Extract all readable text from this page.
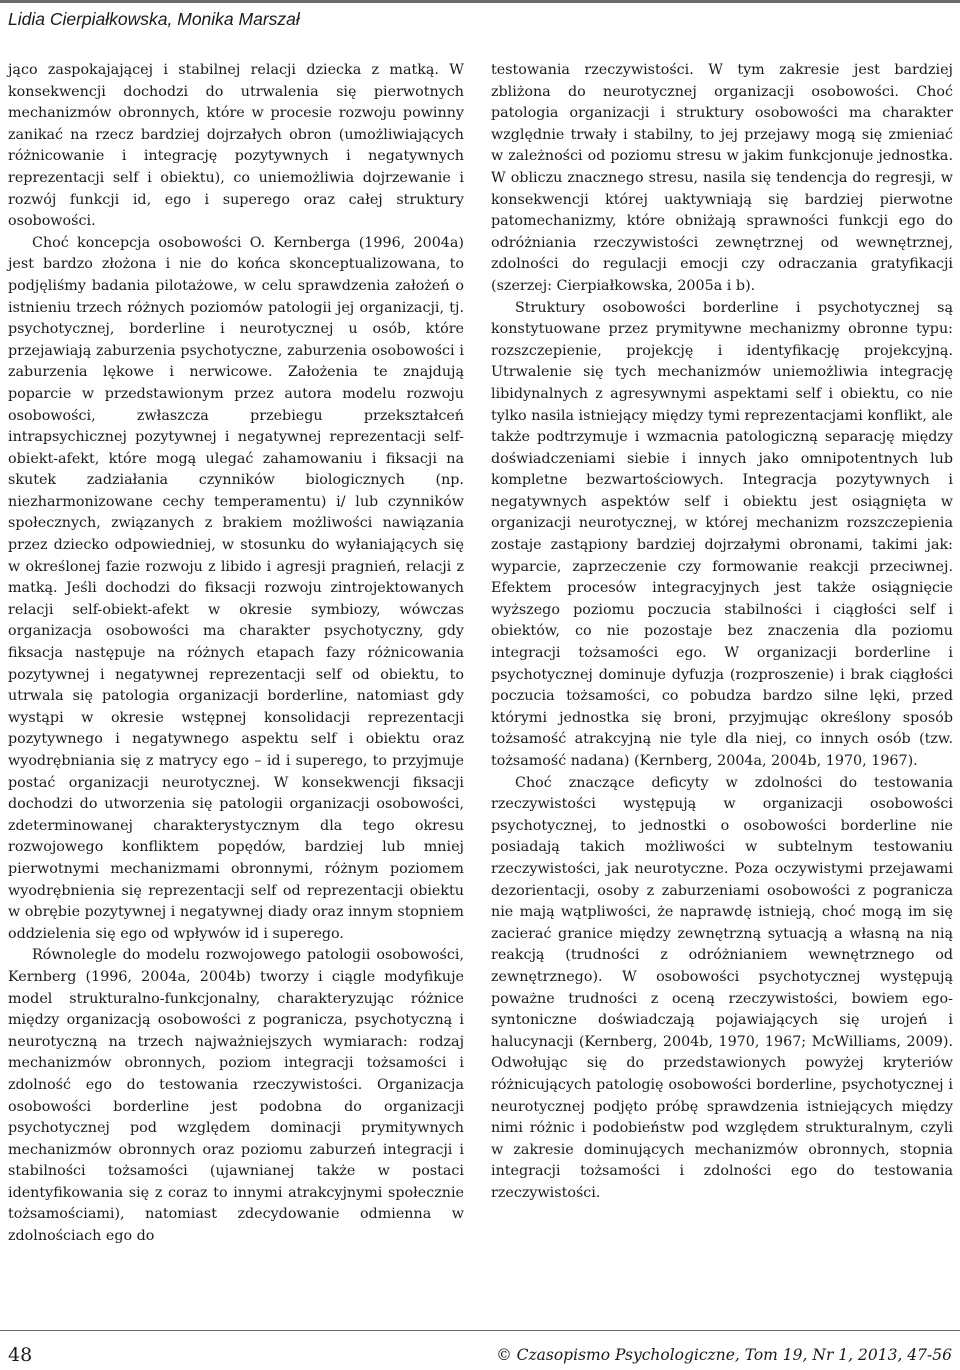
Lidia Cierpiałkowska, Monika Marszał

jąco zaspokajającej i stabilnej relacji dziecka z matką. W konsekwencji dochodzi do utrwalenia się pierwotnych mechanizmów obronnych, które w procesie rozwoju powinny zanikać na rzecz bardziej dojrzałych obron (umożliwiających różnicowanie i integrację pozytywnych i negatywnych reprezentacji self i obiektu), co uniemożliwia dojrzewanie i rozwój funkcji id, ego i superego oraz całej struktury osobowości.

Choć koncepcja osobowości O. Kernberga (1996, 2004a) jest bardzo złożona i nie do końca skonceptualizowana, to podjęliśmy badania pilotażowe, w celu sprawdzenia założeń o istnieniu trzech różnych poziomów patologii jej organizacji, tj. psychotycznej, borderline i neurotycznej u osób, które przejawiają zaburzenia psychotyczne, zaburzenia osobowości i zaburzenia lękowe i nerwicowe. Założenia te znajdują poparcie w przedstawionym przez autora modelu rozwoju osobowości, zwłaszcza przebiegu przekształceń intrapsychicznej pozytywnej i negatywnej reprezentacji self-obiekt-afekt, które mogą ulegać zahamowaniu i fiksacji na skutek zadziałania czynników biologicznych (np. niezharmonizowane cechy temperamentu) i/ lub czynników społecznych, związanych z brakiem możliwości nawiązania przez dziecko odpowiedniej, w stosunku do wyłaniających się w określonej fazie rozwoju z libido i agresji pragnień, relacji z matką. Jeśli dochodzi do fiksacji rozwoju zintrojektowanych relacji self-obiekt-afekt w okresie symbiozy, wówczas organizacja osobowości ma charakter psychotyczny, gdy fiksacja następuje na różnych etapach fazy różnicowania pozytywnej i negatywnej reprezentacji self od obiektu, to utrwala się patologia organizacji borderline, natomiast gdy wystąpi w okresie wstępnej konsolidacji reprezentacji pozytywnego i negatywnego aspektu self i obiektu oraz wyodrębniania się z matrycy ego – id i superego, to przyjmuje postać organizacji neurotycznej. W konsekwencji fiksacji dochodzi do utworzenia się patologii organizacji osobowości, zdeterminowanej charakterystycznym dla tego okresu rozwojowego konfliktem popędów, bardziej lub mniej pierwotnymi mechanizmami obronnymi, różnym poziomem wyodrębnienia się reprezentacji self od reprezentacji obiektu w obrębie pozytywnej i negatywnej diady oraz innym stopniem oddzielenia się ego od wpływów id i superego.

Równolegle do modelu rozwojowego patologii osobowości, Kernberg (1996, 2004a, 2004b) tworzy i ciągle modyfikuje model strukturalno-funkcjonalny, charakteryzując różnice między organizacją osobowości z pogranicza, psychotyczną i neurotyczną na trzech najważniejszych wymiarach: rodzaj mechanizmów obronnych, poziom integracji tożsamości i zdolność ego do testowania rzeczywistości. Organizacja osobowości borderline jest podobna do organizacji psychotycznej pod względem dominacji prymitywnych mechanizmów obronnych oraz poziomu zaburzeń integracji i stabilności tożsamości (ujawnianej także w postaci identyfikowania się z coraz to innymi atrakcyjnymi społecznie tożsamościami), natomiast zdecydowanie odmienna w zdolnościach ego do

testowania rzeczywistości. W tym zakresie jest bardziej zbliżona do neurotycznej organizacji osobowości. Choć patologia organizacji i struktury osobowości ma charakter względnie trwały i stabilny, to jej przejawy mogą się zmieniać w zależności od poziomu stresu w jakim funkcjonuje jednostka. W obliczu znacznego stresu, nasila się tendencja do regresji, w konsekwencji której uaktywniają się bardziej pierwotne patomechanizmy, które obniżają sprawności funkcji ego do odróżniania rzeczywistości zewnętrznej od wewnętrznej, zdolności do regulacji emocji czy odraczania gratyfikacji (szerzej: Cierpiałkowska, 2005a i b).

Struktury osobowości borderline i psychotycznej są konstytuowane przez prymitywne mechanizmy obronne typu: rozszczepienie, projekcję i identyfikację projekcyjną. Utrwalenie się tych mechanizmów uniemożliwia integrację libidynalnych z agresywnymi aspektami self i obiektu, co nie tylko nasila istniejący między tymi reprezentacjami konflikt, ale także podtrzymuje i wzmacnia patologiczną separację między doświadczeniami siebie i innych jako omnipotentnych lub kompletne bezwartościowych. Integracja pozytywnych i negatywnych aspektów self i obiektu jest osiągnięta w organizacji neurotycznej, w której mechanizm rozszczepienia zostaje zastąpiony bardziej dojrzałymi obronami, takimi jak: wyparcie, zaprzeczenie czy formowanie reakcji przeciwnej. Efektem procesów integracyjnych jest także osiągnięcie wyższego poziomu poczucia stabilności i ciągłości self i obiektów, co nie pozostaje bez znaczenia dla poziomu integracji tożsamości ego. W organizacji borderline i psychotycznej dominuje dyfuzja (rozproszenie) i brak ciągłości poczucia tożsamości, co pobudza bardzo silne lęki, przed którymi jednostka się broni, przyjmując określony sposób tożsamość atrakcyjną nie tyle dla niej, co innych osób (tzw. tożsamość nadana) (Kernberg, 2004a, 2004b, 1970, 1967).

Choć znaczące deficyty w zdolności do testowania rzeczywistości występują w organizacji osobowości psychotycznej, to jednostki o osobowości borderline nie posiadają takich możliwości w subtelnym testowaniu rzeczywistości, jak neurotyczne. Poza oczywistymi przejawami dezorientacji, osoby z zaburzeniami osobowości z pogranicza nie mają wątpliwości, że naprawdę istnieją, choć mogą im się zacierać granice między zewnętrzną sytuacją a własną na nią reakcją (trudności z odróżnianiem wewnętrznego od zewnętrznego). W osobowości psychotycznej występują poważne trudności z oceną rzeczywistości, bowiem ego-syntoniczne doświadczają pojawiających się urojeń i halucynacji (Kernberg, 2004b, 1970, 1967; McWilliams, 2009). Odwołując się do przedstawionych powyżej kryteriów różnicujących patologię osobowości borderline, psychotycznej i neurotycznej podjęto próbę sprawdzenia istniejących między nimi różnic i podobieństw pod względem strukturalnym, czyli w zakresie dominujących mechanizmów obronnych, stopnia integracji tożsamości i zdolności ego do testowania rzeczywistości.

48	© Czasopismo Psychologiczne, Tom 19, Nr 1, 2013, 47-56
